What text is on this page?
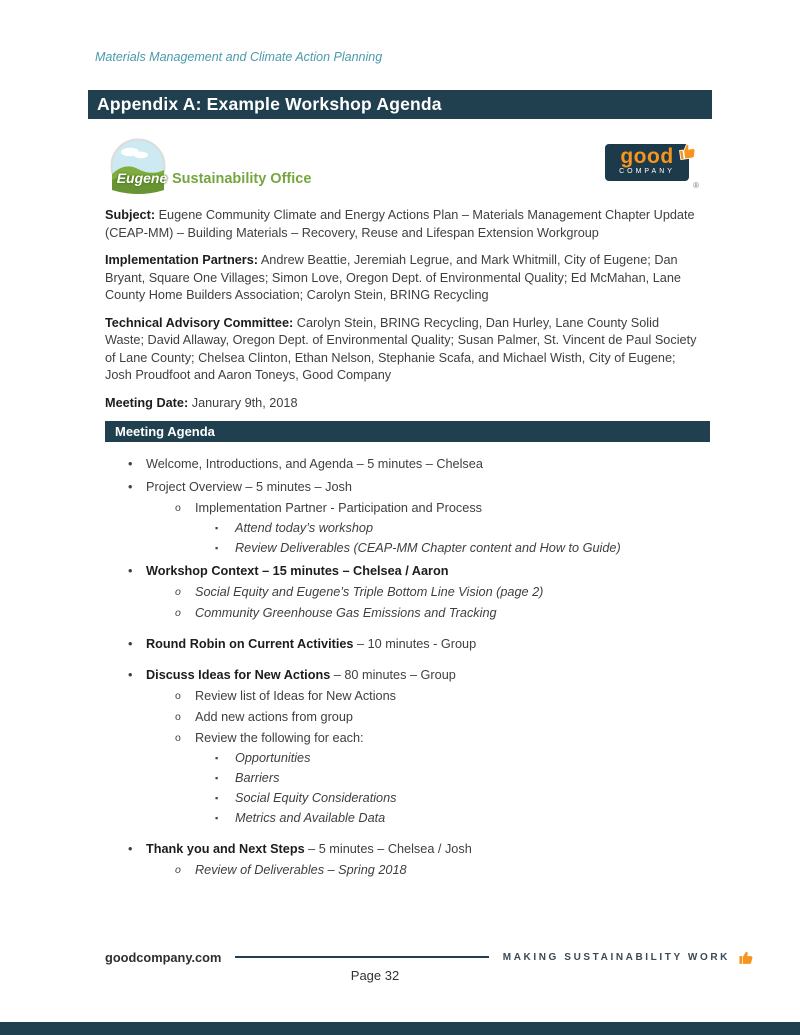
Materials Management and Climate Action Planning
Appendix A: Example Workshop Agenda
Eugene Sustainability Office
good
COMPANY
®

Subject: Eugene Community Climate and Energy Actions Plan – Materials Management Chapter Update (CEAP-MM) – Building Materials – Recovery, Reuse and Lifespan Extension Workgroup

Implementation Partners: Andrew Beattie, Jeremiah Legrue, and Mark Whitmill, City of Eugene; Dan Bryant, Square One Villages; Simon Love, Oregon Dept. of Environmental Quality; Ed McMahan, Lane County Home Builders Association; Carolyn Stein, BRING Recycling

Technical Advisory Committee: Carolyn Stein, BRING Recycling, Dan Hurley, Lane County Solid Waste; David Allaway, Oregon Dept. of Environmental Quality; Susan Palmer, St. Vincent de Paul Society of Lane County; Chelsea Clinton, Ethan Nelson, Stephanie Scafa, and Michael Wisth, City of Eugene; Josh Proudfoot and Aaron Toneys, Good Company

Meeting Date: Janurary 9th, 2018

Meeting Agenda
• Welcome, Introductions, and Agenda – 5 minutes – Chelsea
• Project Overview – 5 minutes – Josh
o Implementation Partner - Participation and Process
▪ Attend today’s workshop
▪ Review Deliverables (CEAP-MM Chapter content and How to Guide)
• Workshop Context – 15 minutes – Chelsea / Aaron
o Social Equity and Eugene’s Triple Bottom Line Vision (page 2)
o Community Greenhouse Gas Emissions and Tracking
• Round Robin on Current Activities – 10 minutes - Group
• Discuss Ideas for New Actions – 80 minutes – Group
o Review list of Ideas for New Actions
o Add new actions from group
o Review the following for each:
▪ Opportunities
▪ Barriers
▪ Social Equity Considerations
▪ Metrics and Available Data
• Thank you and Next Steps – 5 minutes – Chelsea / Josh
o Review of Deliverables – Spring 2018
goodcompany.com	MAKING SUSTAINABILITY WORK
Page 32
